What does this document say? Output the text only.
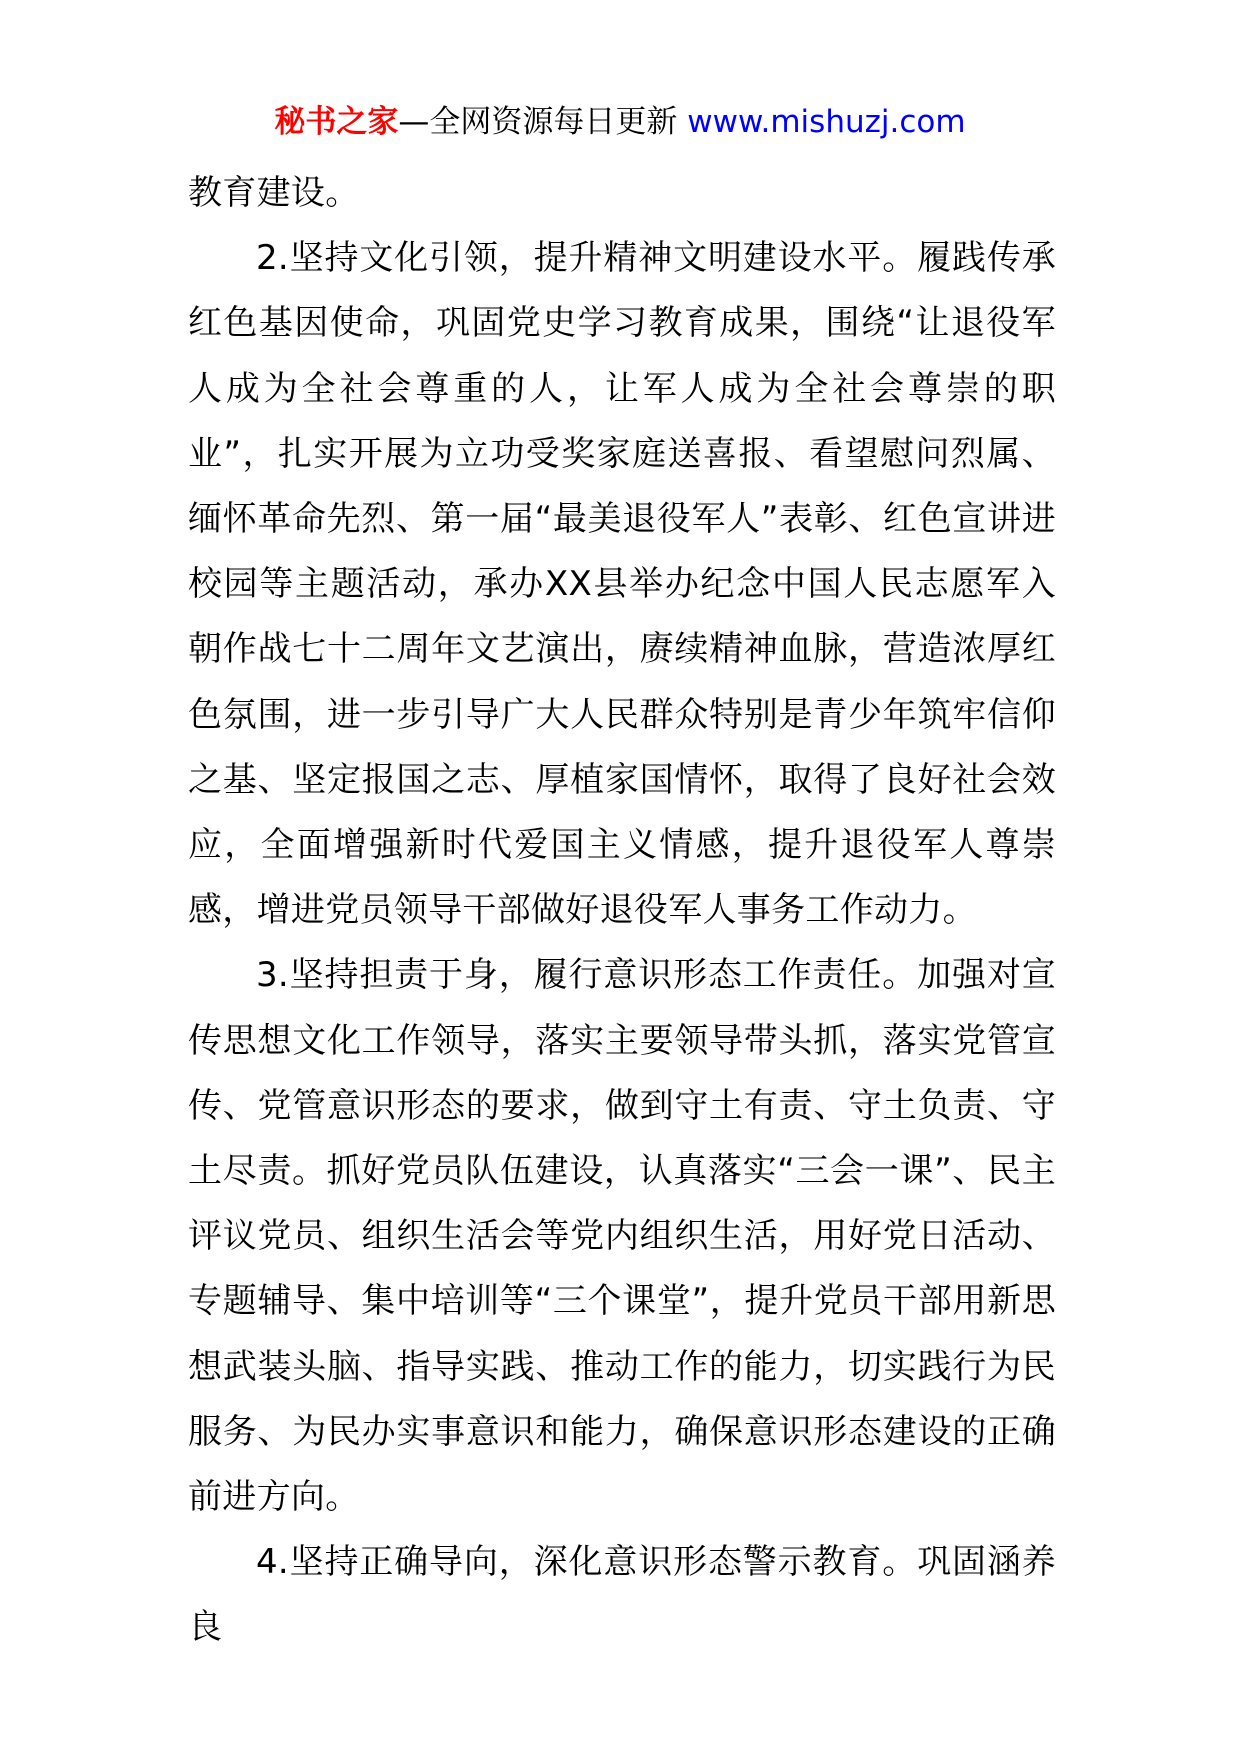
秘书之家—全网资源每日更新 www.mishuzj.com

教育建设。

2.坚持文化引领，提升精神文明建设水平。履践传承红色基因使命，巩固党史学习教育成果，围绕“让退役军人成为全社会尊重的人，让军人成为全社会尊崇的职业”，扎实开展为立功受奖家庭送喜报、看望慰问烈属、缅怀革命先烈、第一届“最美退役军人”表彰、红色宣讲进校园等主题活动，承办XX县举办纪念中国人民志愿军入朝作战七十二周年文艺演出，赓续精神血脉，营造浓厚红色氛围，进一步引导广大人民群众特别是青少年筑牢信仰之基、坚定报国之志、厚植家国情怀，取得了良好社会效应，全面增强新时代爱国主义情感，提升退役军人尊崇感，增进党员领导干部做好退役军人事务工作动力。

3.坚持担责于身，履行意识形态工作责任。加强对宣传思想文化工作领导，落实主要领导带头抓，落实党管宣传、党管意识形态的要求，做到守土有责、守土负责、守土尽责。抓好党员队伍建设，认真落实“三会一课”、民主评议党员、组织生活会等党内组织生活，用好党日活动、专题辅导、集中培训等“三个课堂”，提升党员干部用新思想武装头脑、指导实践、推动工作的能力，切实践行为民服务、为民办实事意识和能力，确保意识形态建设的正确前进方向。

4.坚持正确导向，深化意识形态警示教育。巩固涵养良
